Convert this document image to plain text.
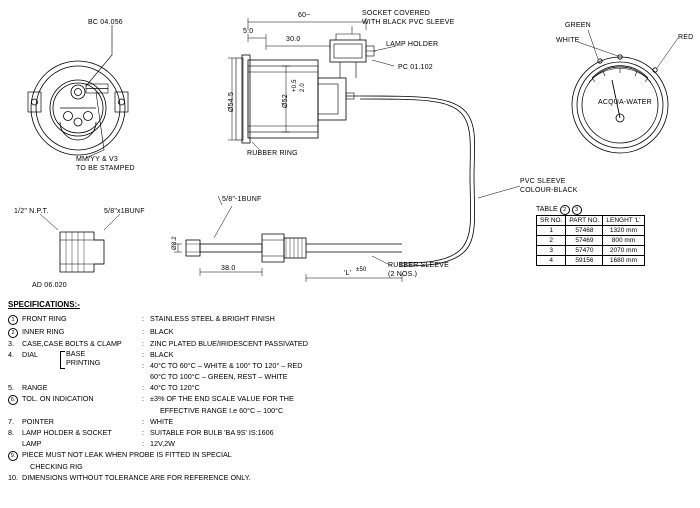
BC 04.056
MM/YY & V3
TO BE STAMPED
60~
5.0
30.0
Ø54.5	Ø52
+0.5 2.0
SOCKET COVERED
WITH BLACK PVC SLEEVE
LAMP HOLDER
PC 01.102
RUBBER RING
PVC SLEEVE
COLOUR-BLACK
GREEN
WHITE	RED
ACQUA-WATER
1/2" N.P.T.	5/8"x1BUNF
5/8"-1BUNF
AD 06.020
Ø8.2
38.0
'L' ±50
RUBBER SLEEVE
(2 NOS.)
TABLE 2 3
SR NO.	PART NO.	LENGHT 'L'
1	57468	1320 mm
2	57469	800 mm
3	57470	2070 mm
4	59156	1680 mm
SPECIFICATIONS:-
1	FRONT RING	:	STAINLESS STEEL & BRIGHT FINISH
2	INNER RING	:	BLACK
3.	CASE,CASE BOLTS & CLAMP	:	ZINC PLATED BLUE/IRIDESCENT PASSIVATED
4.	DIAL BASE
PRINTING	:	BLACK
		:	40°C TO 60°C – WHITE & 100° TO 120° – RED
			60°C TO 100°C – GREEN, REST – WHITE
5.	RANGE	:	40°C TO 120°C
6.	TOL. ON INDICATION	:	±3% OF THE END SCALE VALUE FOR THE
			EFFECTIVE RANGE I.e 60°C – 100°C
7.	POINTER	:	WHITE
8.	LAMP HOLDER & SOCKET	:	SUITABLE FOR BULB 'BA 9S' IS:1606
	LAMP	:	12V,2W
9.	PIECE MUST NOT LEAK WHEN PROBE IS FITTED IN SPECIAL		
	CHECKING RIG		
10.	DIMENSIONS WITHOUT TOLERANCE ARE FOR REFERENCE ONLY.		
